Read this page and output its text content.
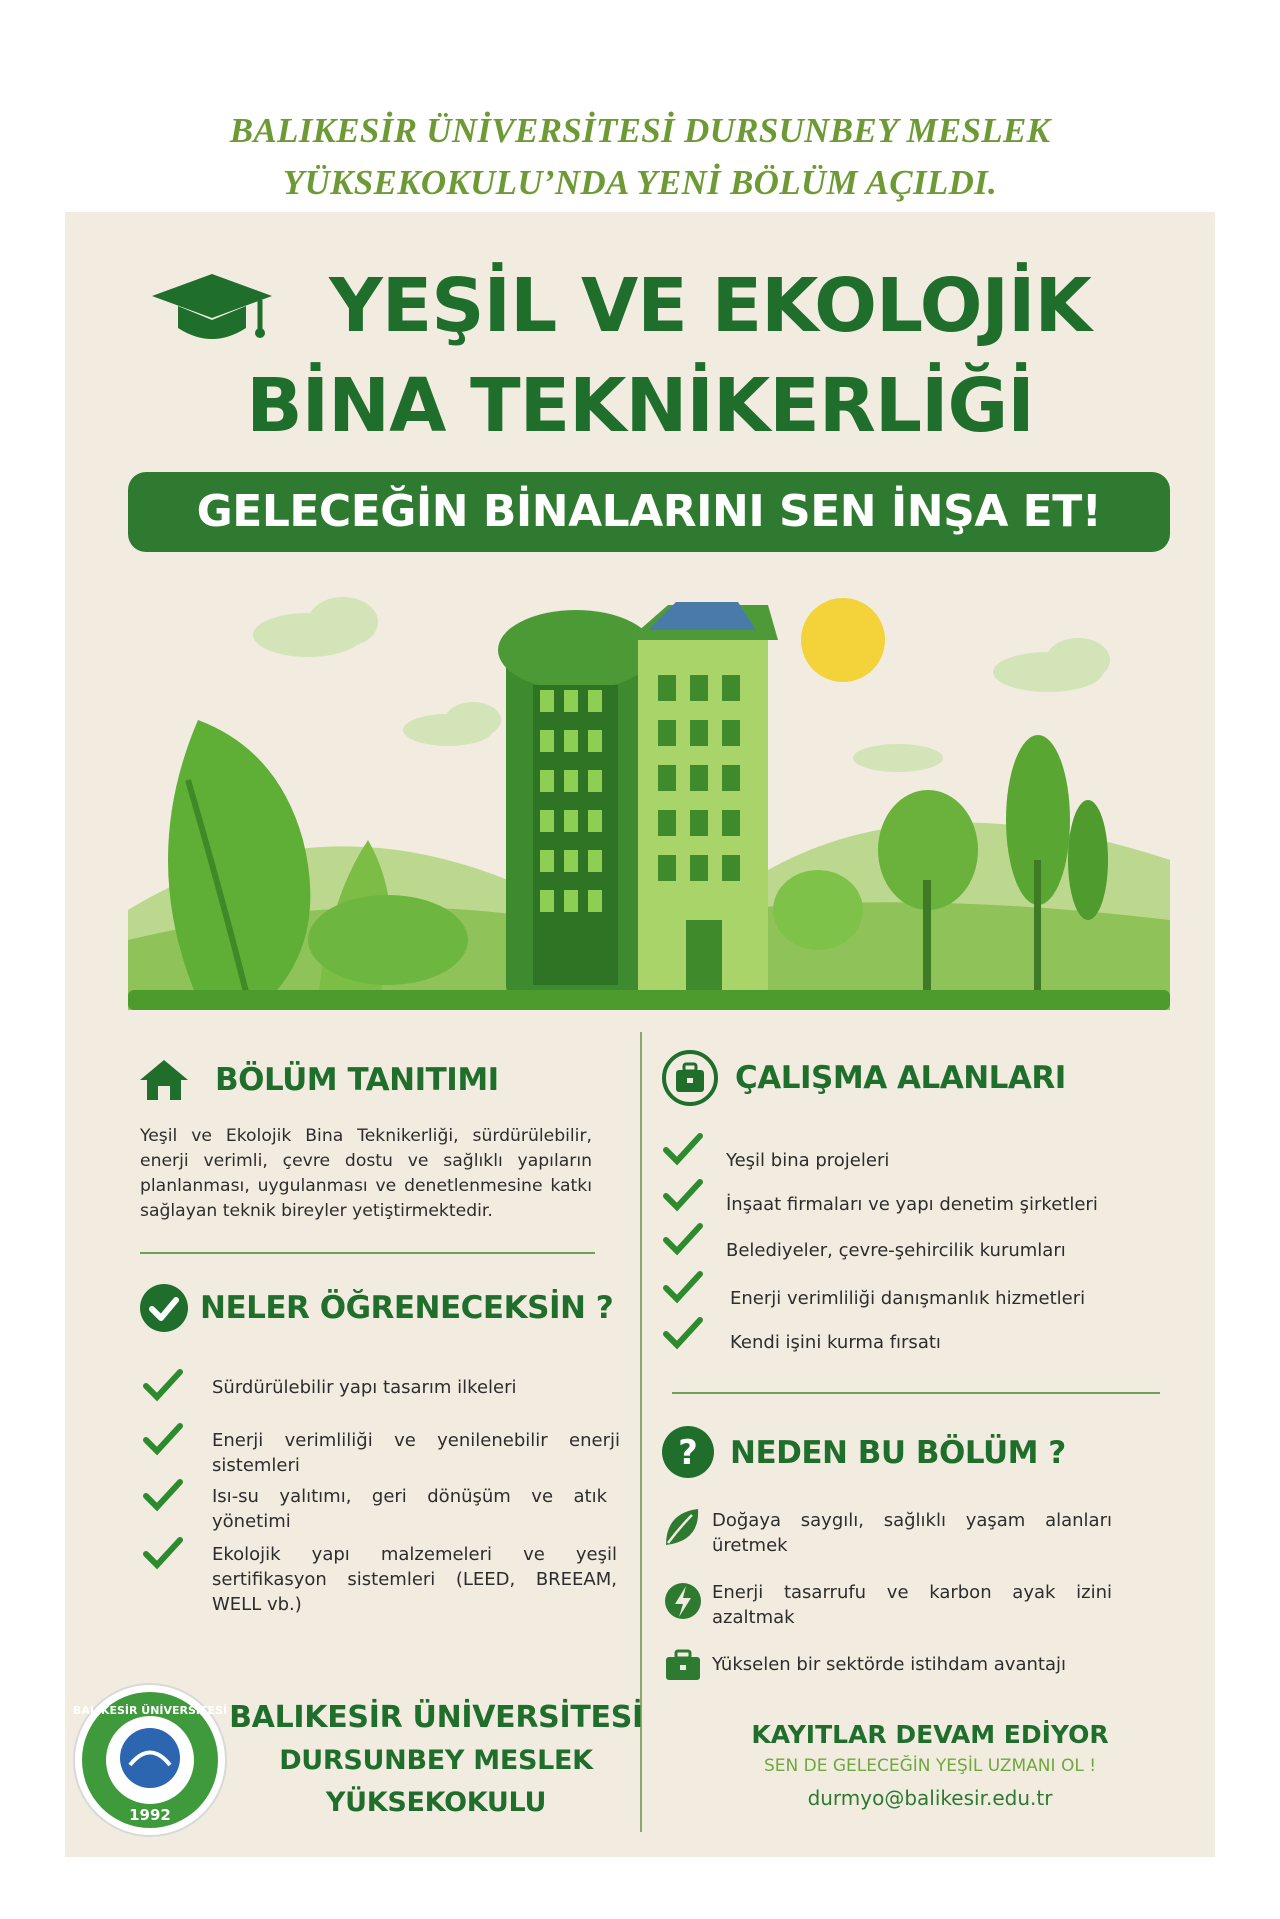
BALIKESİR ÜNİVERSİTESİ DURSUNBEY MESLEK
YÜKSEKOKULU’NDA YENİ BÖLÜM AÇILDI.
YEŞİL VE EKOLOJİK
BİNA TEKNİKERLİĞİ
GELECEĞİN BİNALARINI SEN İNŞA ET!
BÖLÜM TANITIMI
Yeşil ve Ekolojik Bina Teknikerliği, sürdürülebilir, enerji verimli, çevre dostu ve sağlıklı yapıların planlanması, uygulanması ve denetlenmesine katkı sağlayan teknik bireyler yetiştirmektedir.
NELER ÖĞRENECEKSİN ?
Sürdürülebilir yapı tasarım ilkeleri
Enerji verimliliği ve yenilenebilir enerji sistemleri
Isı-su yalıtımı, geri dönüşüm ve atık yönetimi
Ekolojik yapı malzemeleri ve yeşil sertifikasyon sistemleri (LEED, BREEAM, WELL vb.)
BALIKESİR ÜNİVERSİTESİ
1992
BALIKESİR ÜNİVERSİTESİ
DURSUNBEY MESLEK
YÜKSEKOKULU
ÇALIŞMA ALANLARI
Yeşil bina projeleri
İnşaat firmaları ve yapı denetim şirketleri
Belediyeler, çevre-şehircilik kurumları
Enerji verimliliği danışmanlık hizmetleri
Kendi işini kurma fırsatı
? NEDEN BU BÖLÜM ?
Doğaya saygılı, sağlıklı yaşam alanları üretmek
Enerji tasarrufu ve karbon ayak izini azaltmak
Yükselen bir sektörde istihdam avantajı
KAYITLAR DEVAM EDİYOR
SEN DE GELECEĞİN YEŞİL UZMANI OL !
durmyo@balikesir.edu.tr
